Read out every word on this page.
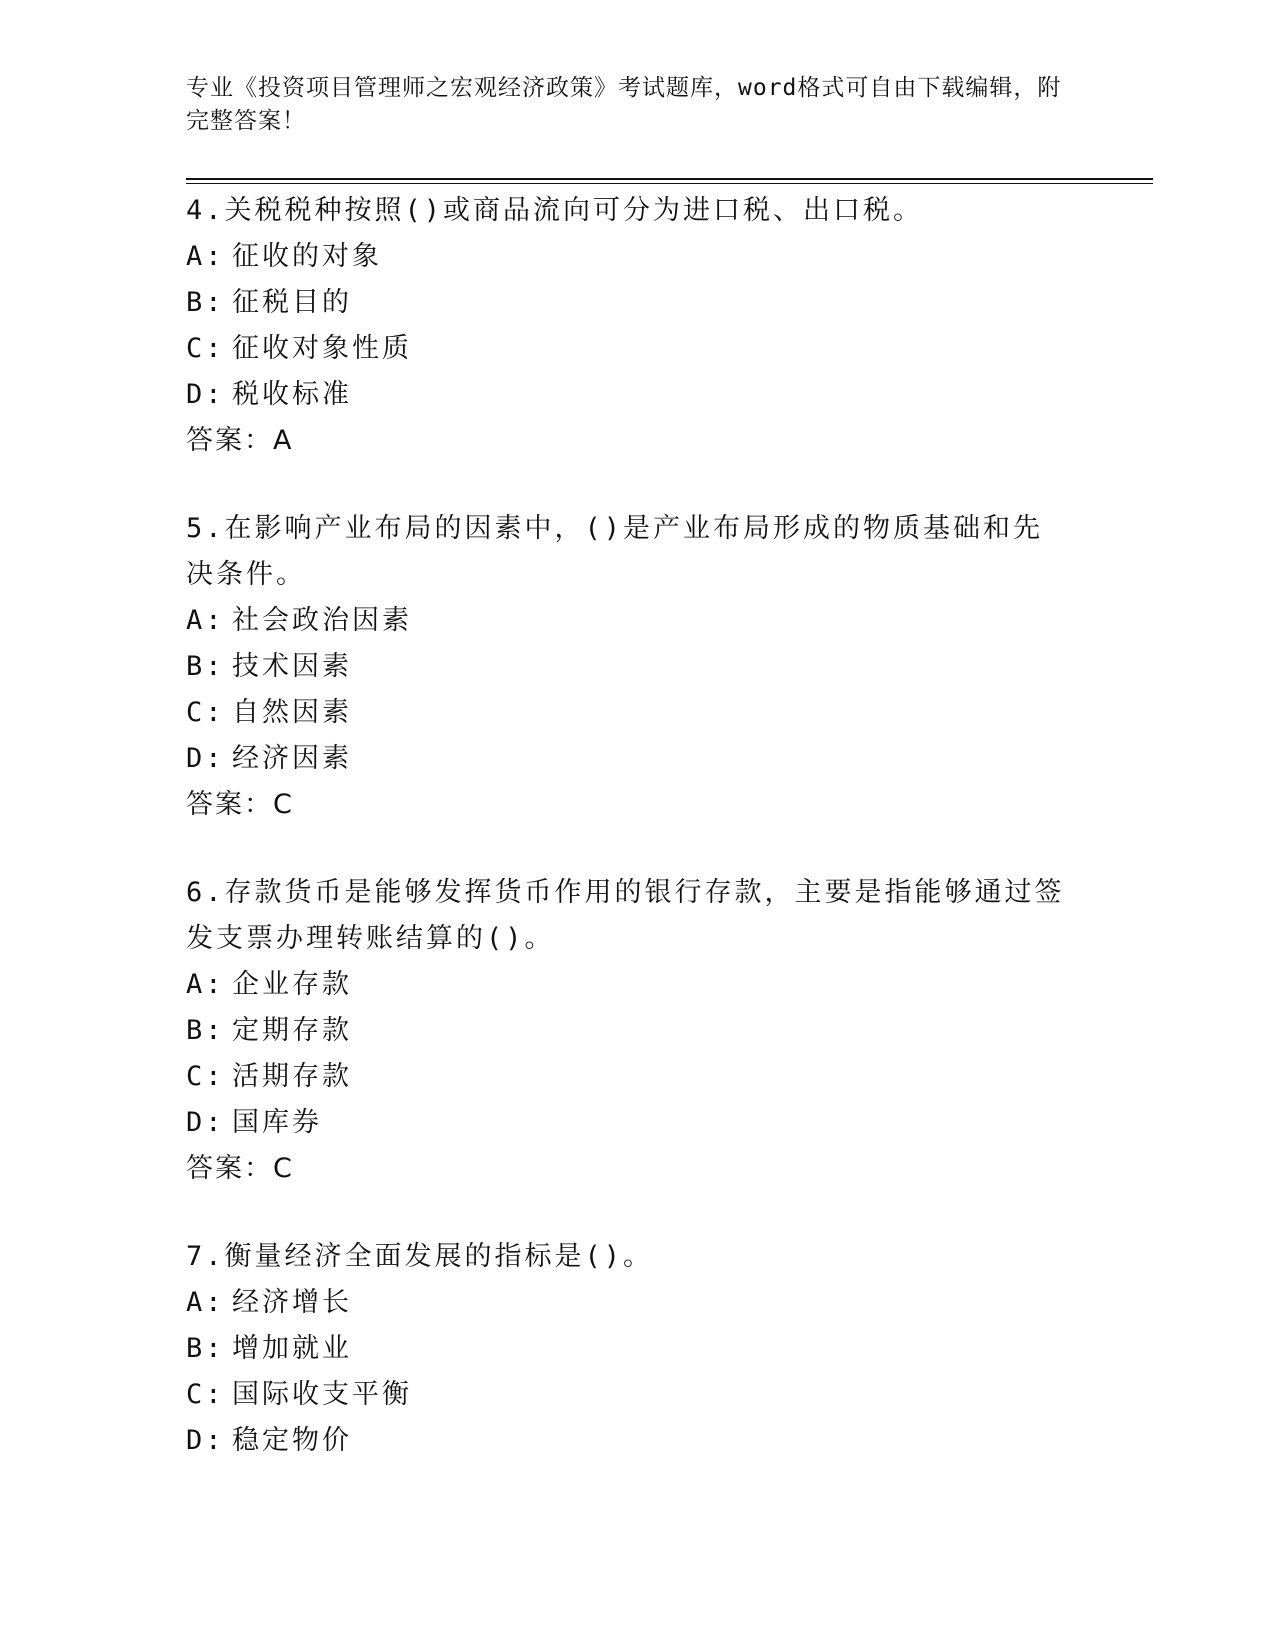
专业《投资项目管理师之宏观经济政策》考试题库，word格式可自由下载编辑，附完整答案！
4.关税税种按照()或商品流向可分为进口税、出口税。
A: 征收的对象
B: 征税目的
C: 征收对象性质
D: 税收标准
答案：A
5.在影响产业布局的因素中，()是产业布局形成的物质基础和先决条件。
A: 社会政治因素
B: 技术因素
C: 自然因素
D: 经济因素
答案：C
6.存款货币是能够发挥货币作用的银行存款，主要是指能够通过签发支票办理转账结算的()。
A: 企业存款
B: 定期存款
C: 活期存款
D: 国库券
答案：C
7.衡量经济全面发展的指标是()。
A: 经济增长
B: 增加就业
C: 国际收支平衡
D: 稳定物价
